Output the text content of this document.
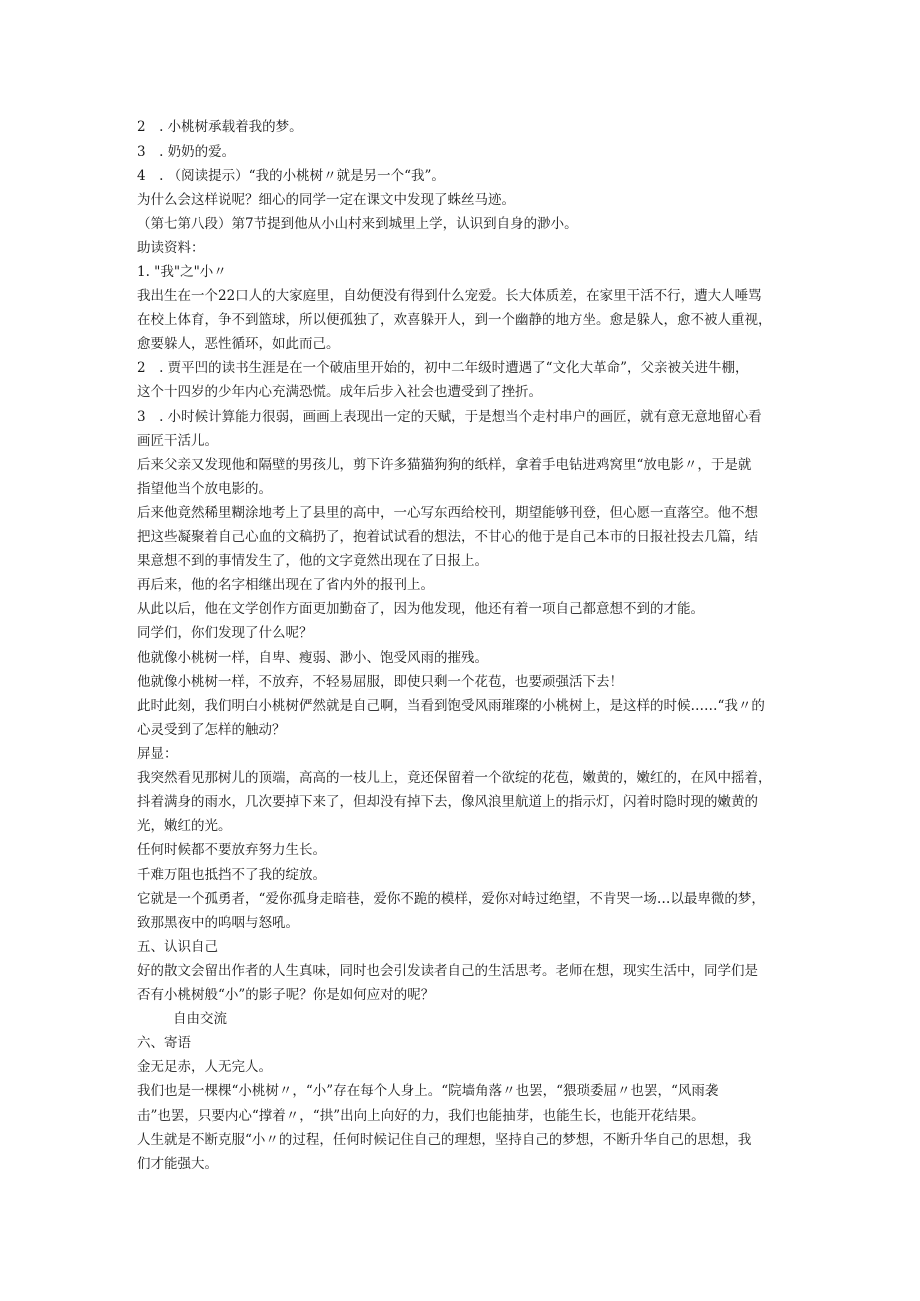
2　. 小桃树承载着我的梦。
3　. 奶奶的爱。
4　. （阅读提示）“我的小桃树〃就是另一个“我”。
为什么会这样说呢？细心的同学一定在课文中发现了蛛丝马迹。
（第七第八段）第7节提到他从小山村来到城里上学，认识到自身的渺小。
助读资料：
1. "我"之"小〃
我出生在一个22口人的大家庭里，自幼便没有得到什么宠爱。长大体质差，在家里干活不行，遭大人唾骂
在校上体育，争不到篮球，所以便孤独了，欢喜躲开人，到一个幽静的地方坐。愈是躲人，愈不被人重视，
愈要躲人，恶性循环，如此而己。
2　. 贾平凹的读书生涯是在一个破庙里开始的，初中二年级时遭遇了“文化大革命”，父亲被关进牛棚，
这个十四岁的少年内心充满恐慌。成年后步入社会也遭受到了挫折。
3　. 小时候计算能力很弱，画画上表现出一定的天赋，于是想当个走村串户的画匠，就有意无意地留心看
画匠干活儿。
后来父亲又发现他和隔壁的男孩儿，剪下许多猫猫狗狗的纸样，拿着手电钻进鸡窝里“放电影〃，于是就
指望他当个放电影的。
后来他竟然稀里糊涂地考上了县里的高中，一心写东西给校刊，期望能够刊登，但心愿一直落空。他不想
把这些凝聚着自己心血的文稿扔了，抱着试试看的想法，不甘心的他于是自己本市的日报社投去几篇，结
果意想不到的事情发生了，他的文字竟然出现在了日报上。
再后来，他的名字相继出现在了省内外的报刊上。
从此以后，他在文学创作方面更加勤奋了，因为他发现，他还有着一项自己都意想不到的才能。
同学们，你们发现了什么呢？
他就像小桃树一样，自卑、瘦弱、渺小、饱受风雨的摧残。
他就像小桃树一样，不放弃，不轻易屈服，即使只剩一个花苞，也要顽强活下去！
此时此刻，我们明白小桃树俨然就是自己啊，当看到饱受风雨璀璨的小桃树上，是这样的时候……“我〃的
心灵受到了怎样的触动？
屏显：
我突然看见那树儿的顶端，高高的一枝儿上，竟还保留着一个欲绽的花苞，嫩黄的，嫩红的，在风中摇着，
抖着满身的雨水，几次要掉下来了，但却没有掉下去，像风浪里航道上的指示灯，闪着时隐时现的嫩黄的
光，嫩红的光。
任何时候都不要放弃努力生长。
千难万阻也抵挡不了我的绽放。
它就是一个孤勇者，“爱你孤身走暗巷，爱你不跪的模样，爱你对峙过绝望，不肯哭一场…以最卑微的梦，
致那黑夜中的呜咽与怒吼。
五、认识自己
好的散文会留出作者的人生真味，同时也会引发读者自己的生活思考。老师在想，现实生活中，同学们是
否有小桃树般“小”的影子呢？你是如何应对的呢？
自由交流
六、寄语
金无足赤，人无完人。
我们也是一棵棵“小桃树〃，“小”存在每个人身上。“院墙角落〃也罢，“猥琐委屈〃也罢，“风雨袭
击”也罢，只要内心“撑着〃，“拱”出向上向好的力，我们也能抽芽，也能生长，也能开花结果。
人生就是不断克服“小〃的过程，任何时候记住自己的理想，坚持自己的梦想，不断升华自己的思想，我
们才能强大。
